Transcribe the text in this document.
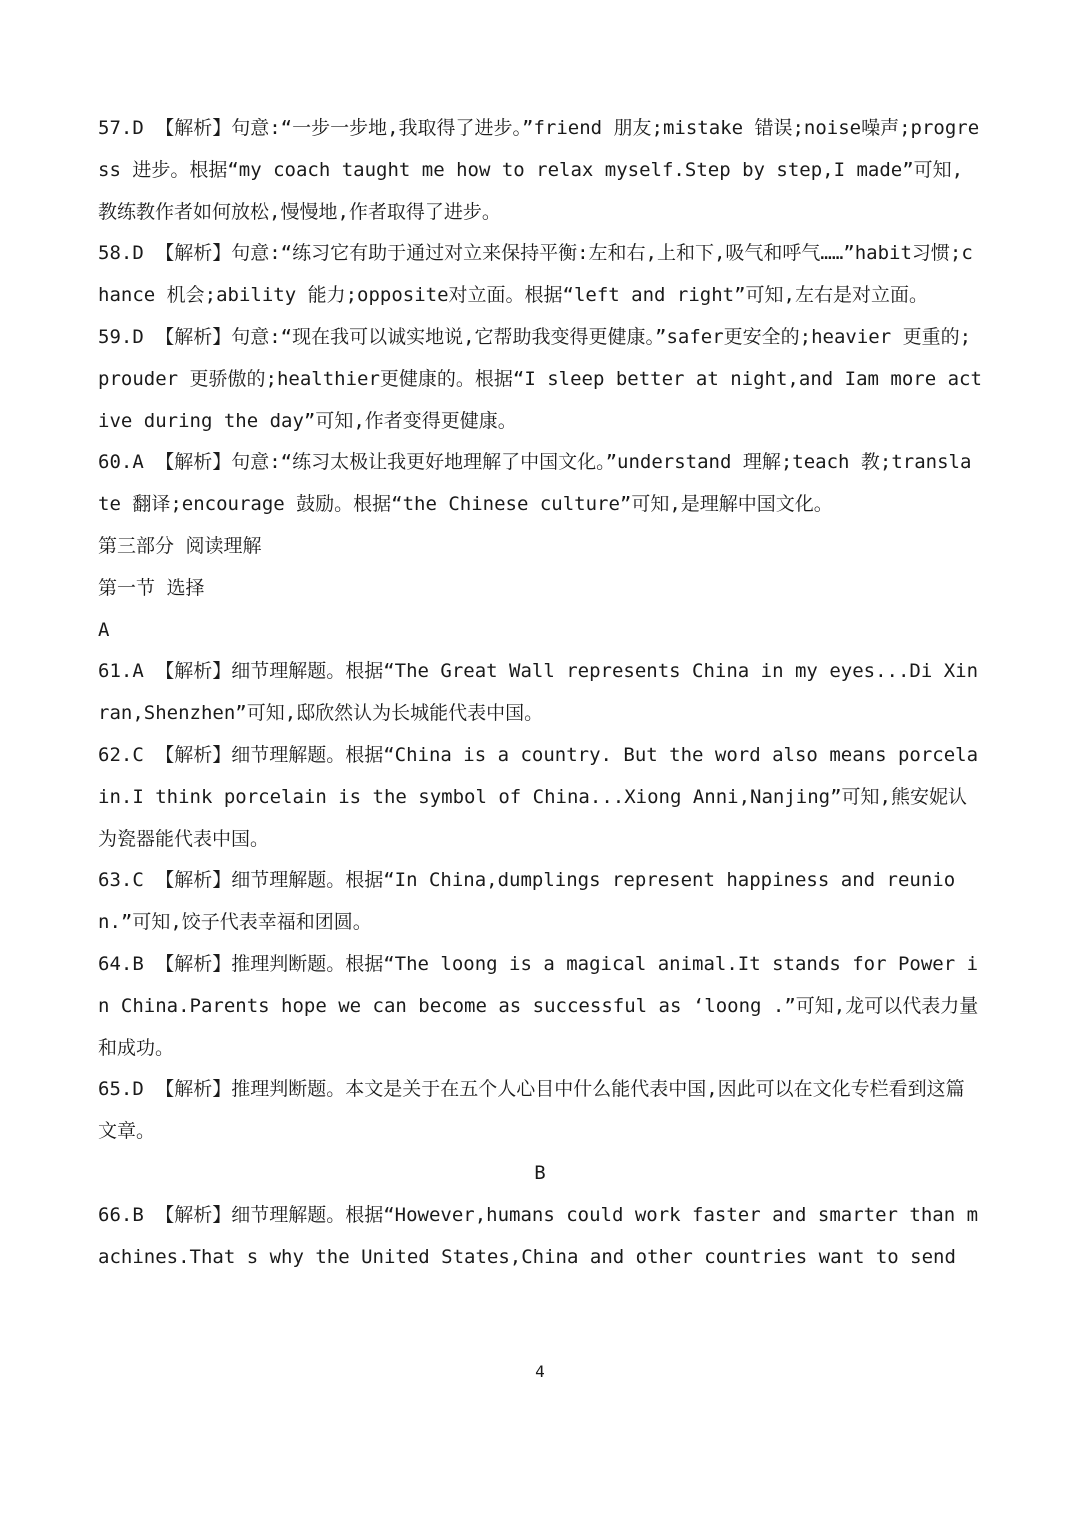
57.D 【解析】句意:“一步一步地,我取得了进步。”friend 朋友;mistake 错误;noise噪声;progress 进步。根据“my coach taught me how to relax myself.Step by step,I made”可知,教练教作者如何放松,慢慢地,作者取得了进步。

58.D 【解析】句意:“练习它有助于通过对立来保持平衡:左和右,上和下,吸气和呼气……”habit习惯;chance 机会;ability 能力;opposite对立面。根据“left and right”可知,左右是对立面。

59.D 【解析】句意:“现在我可以诚实地说,它帮助我变得更健康。”safer更安全的;heavier 更重的;prouder 更骄傲的;healthier更健康的。根据“I sleep better at night,and Iam more active during the day”可知,作者变得更健康。

60.A 【解析】句意:“练习太极让我更好地理解了中国文化。”understand 理解;teach 教;translate 翻译;encourage 鼓励。根据“the Chinese culture”可知,是理解中国文化。

第三部分 阅读理解

第一节 选择

A

61.A 【解析】细节理解题。根据“The Great Wall represents China in my eyes...Di Xinran,Shenzhen”可知,邸欣然认为长城能代表中国。

62.C 【解析】细节理解题。根据“China is a country. But the word also means porcelain.I think porcelain is the symbol of China...Xiong Anni,Nanjing”可知,熊安妮认为瓷器能代表中国。

63.C 【解析】细节理解题。根据“In China,dumplings represent happiness and reunion.”可知,饺子代表幸福和团圆。

64.B 【解析】推理判断题。根据“The loong is a magical animal.It stands for Power in China.Parents hope we can become as successful as ‘loong .”可知,龙可以代表力量和成功。

65.D 【解析】推理判断题。本文是关于在五个人心目中什么能代表中国,因此可以在文化专栏看到这篇文章。

B

66.B 【解析】细节理解题。根据“However,humans could work faster and smarter than machines.That s why the United States,China and other countries want to send

4
